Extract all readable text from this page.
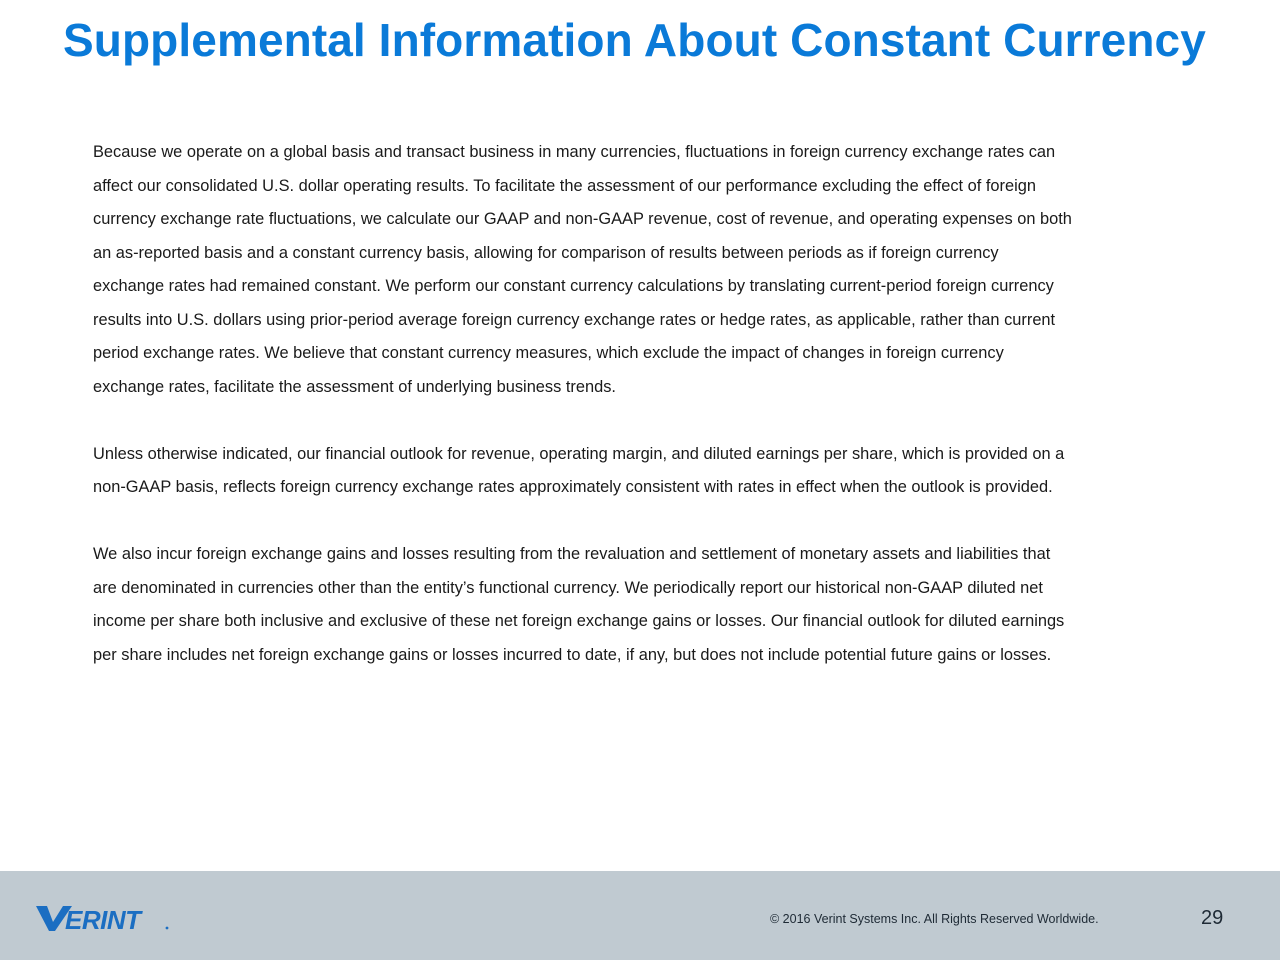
Supplemental Information About Constant Currency

Because we operate on a global basis and transact business in many currencies, fluctuations in foreign currency exchange rates can
affect our consolidated U.S. dollar operating results. To facilitate the assessment of our performance excluding the effect of foreign
currency exchange rate fluctuations, we calculate our GAAP and non-GAAP revenue, cost of revenue, and operating expenses on both
an as-reported basis and a constant currency basis, allowing for comparison of results between periods as if foreign currency
exchange rates had remained constant. We perform our constant currency calculations by translating current-period foreign currency
results into U.S. dollars using prior-period average foreign currency exchange rates or hedge rates, as applicable, rather than current
period exchange rates. We believe that constant currency measures, which exclude the impact of changes in foreign currency
exchange rates, facilitate the assessment of underlying business trends.

Unless otherwise indicated, our financial outlook for revenue, operating margin, and diluted earnings per share, which is provided on a
non-GAAP basis, reflects foreign currency exchange rates approximately consistent with rates in effect when the outlook is provided.

We also incur foreign exchange gains and losses resulting from the revaluation and settlement of monetary assets and liabilities that
are denominated in currencies other than the entity’s functional currency. We periodically report our historical non-GAAP diluted net
income per share both inclusive and exclusive of these net foreign exchange gains or losses. Our financial outlook for diluted earnings
per share includes net foreign exchange gains or losses incurred to date, if any, but does not include potential future gains or losses.

ERINT	© 2016 Verint Systems Inc. All Rights Reserved Worldwide.	29
